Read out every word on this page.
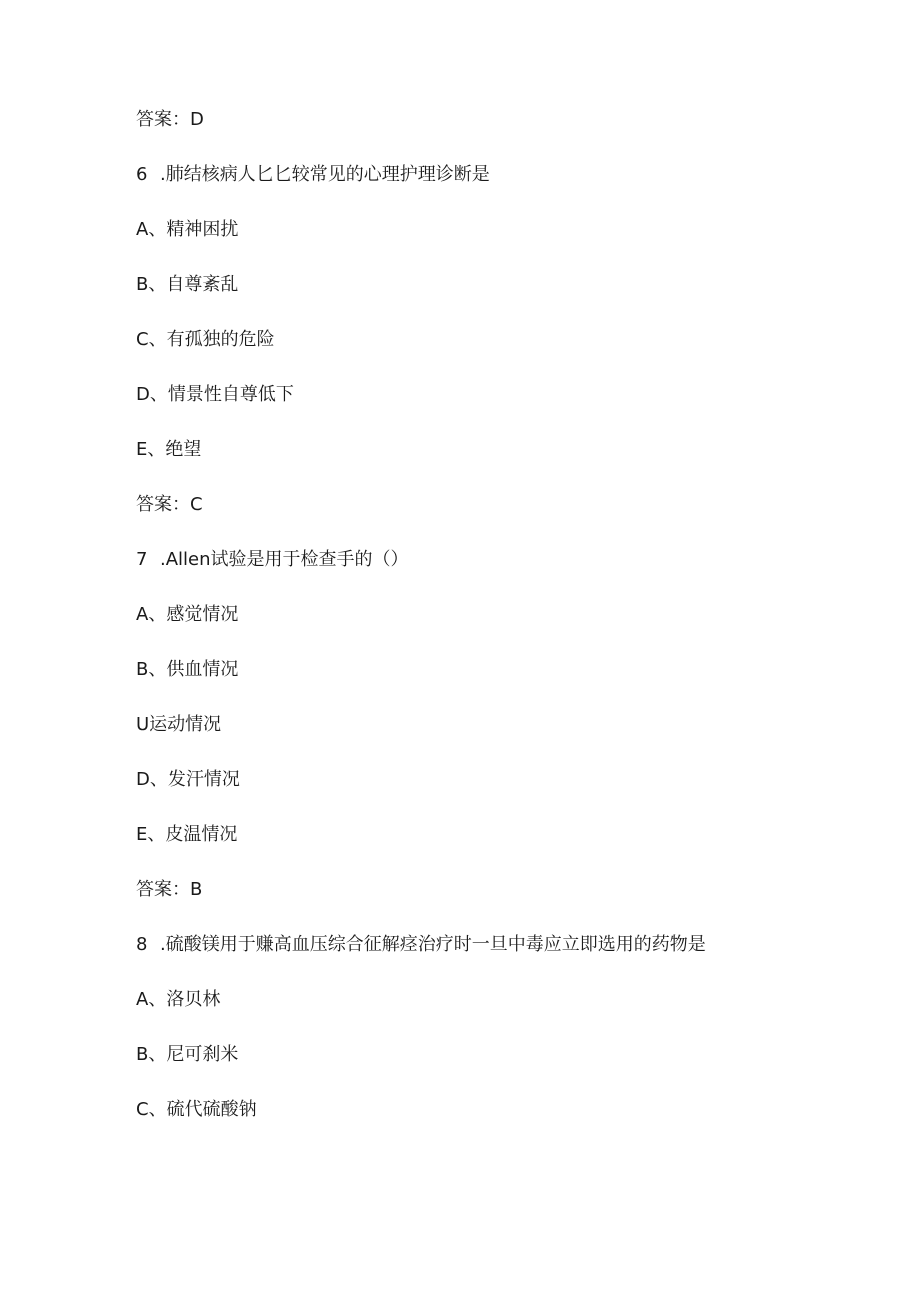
答案：D
6 .肺结核病人匕匕较常见的心理护理诊断是
A、精神困扰
B、自尊紊乱
C、有孤独的危险
D、情景性自尊低下
E、绝望
答案：C
7 .Allen试验是用于检查手的（）
A、感觉情况
B、供血情况
U运动情况
D、发汗情况
E、皮温情况
答案：B
8 .硫酸镁用于赚高血压综合征解痉治疗时一旦中毒应立即选用的药物是
A、洛贝林
B、尼可刹米
C、硫代硫酸钠
